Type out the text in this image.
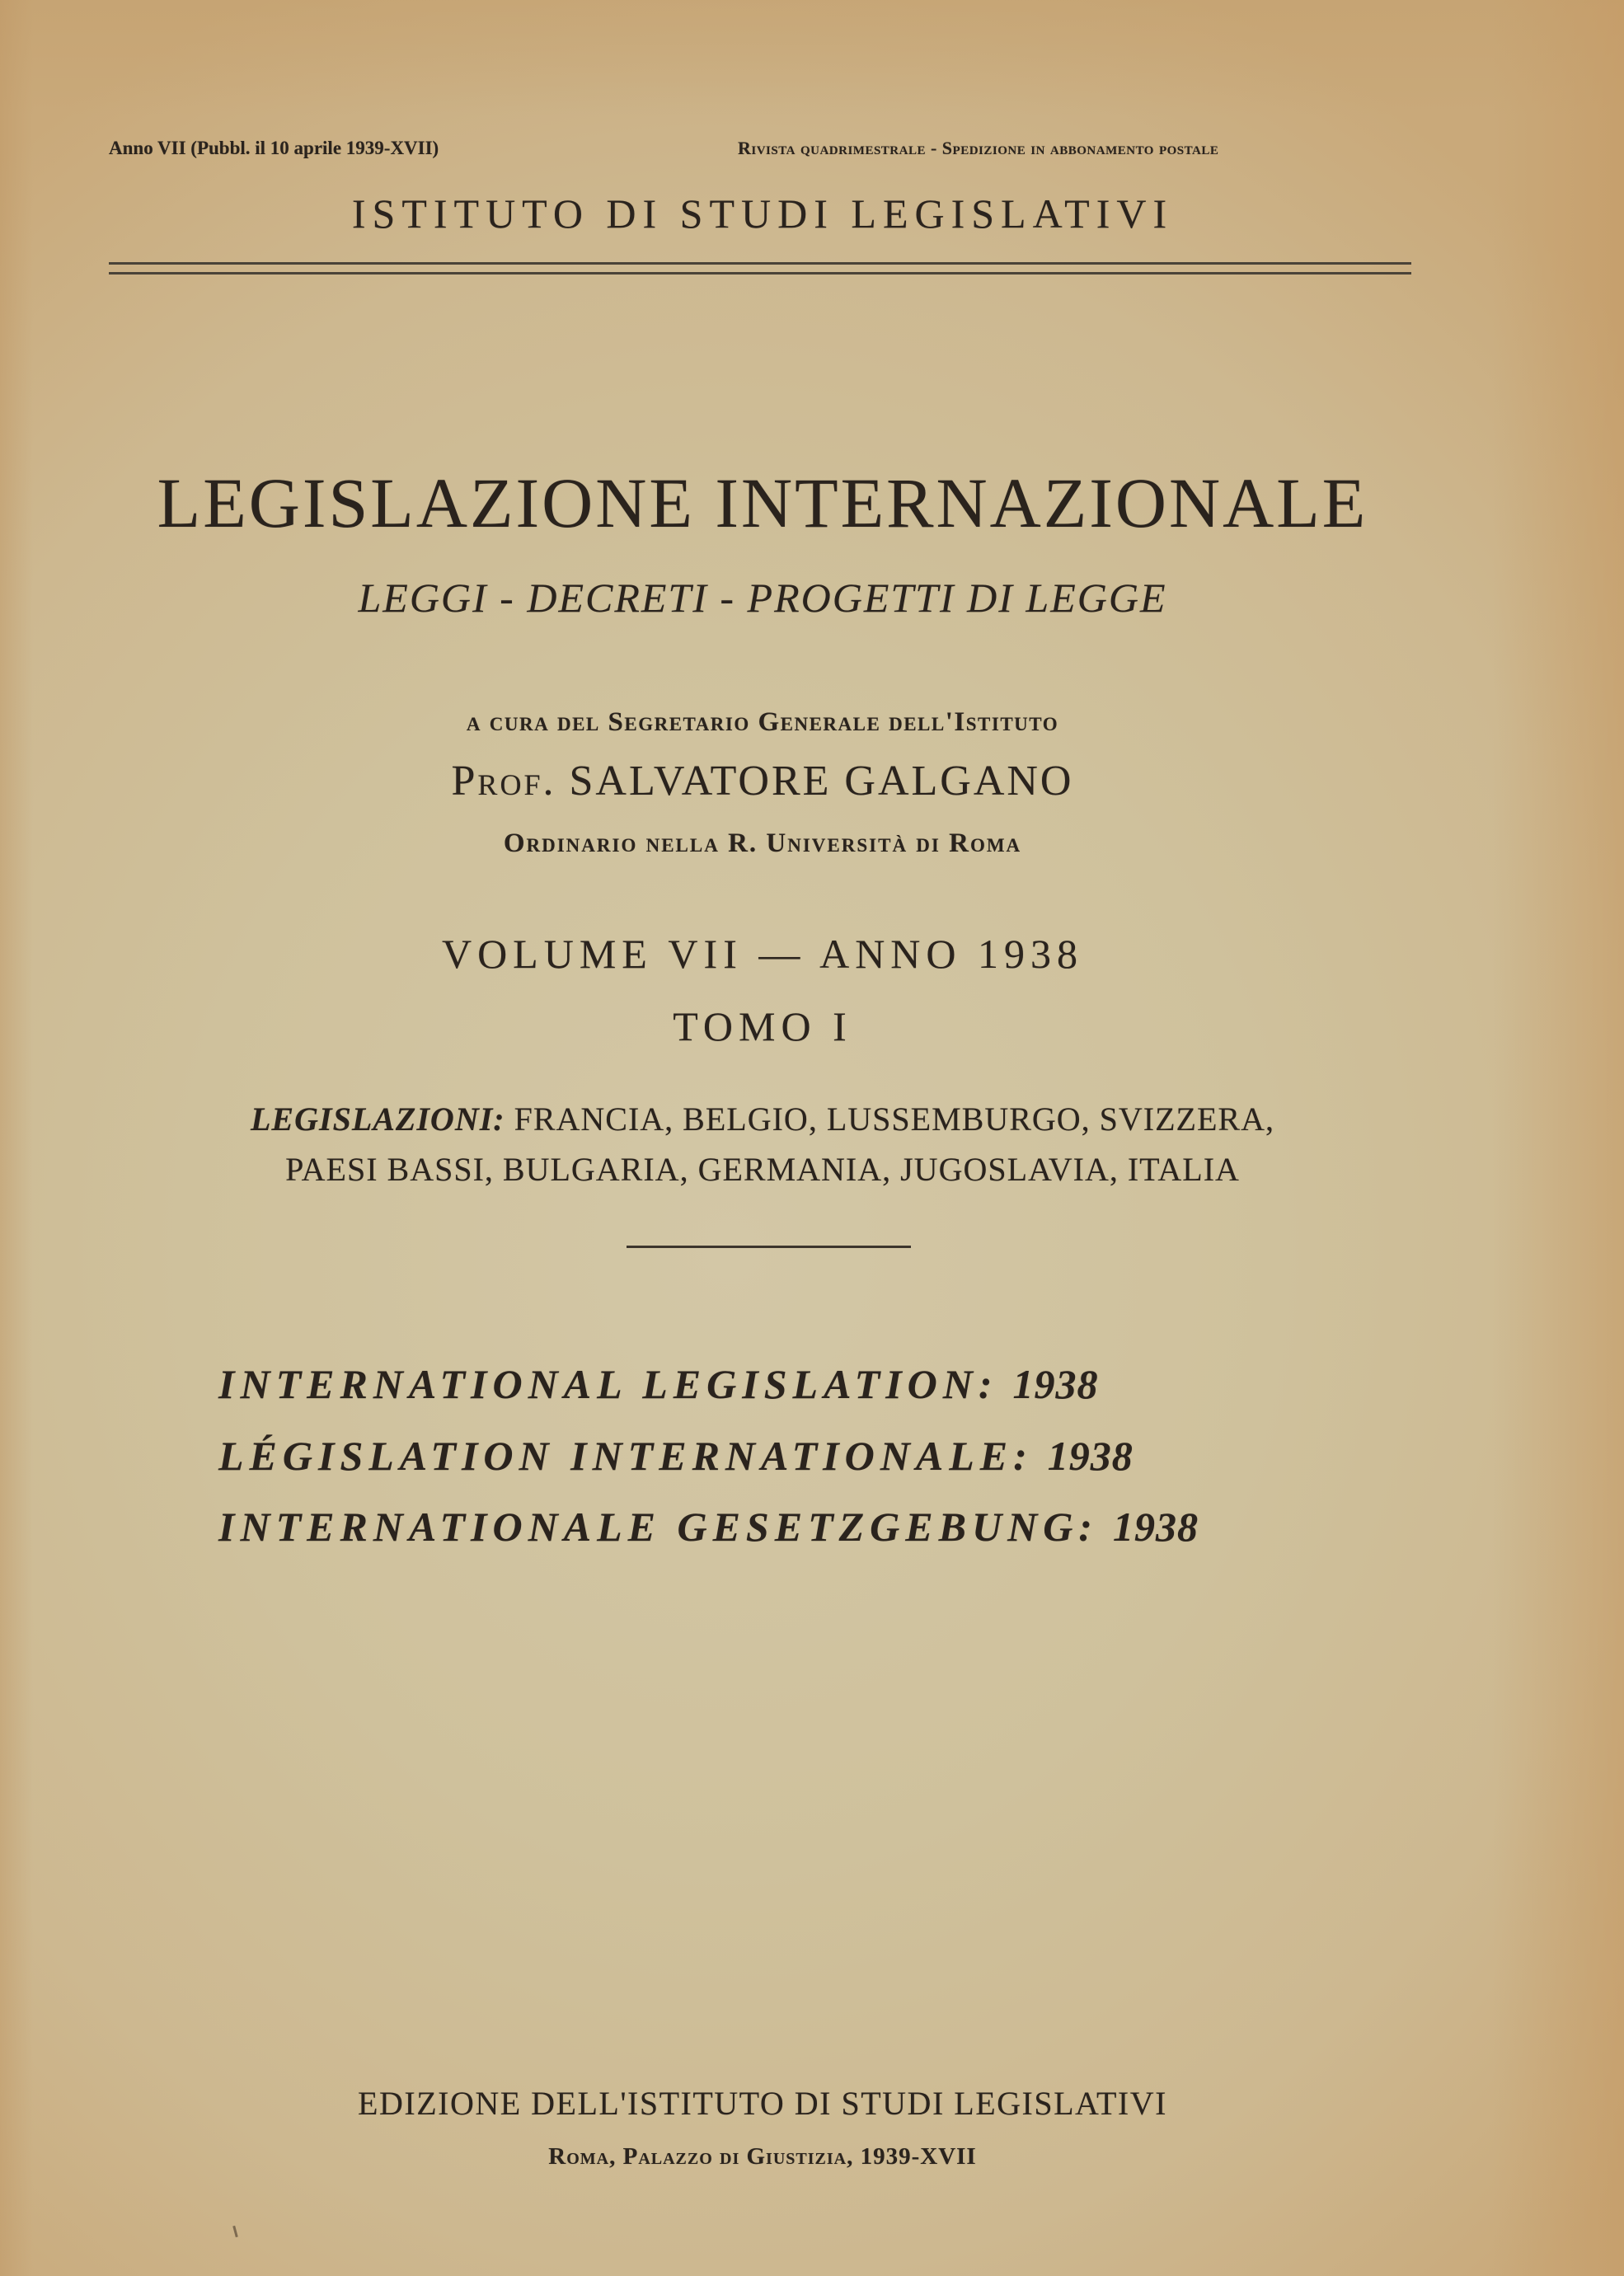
Anno VII (Pubbl. il 10 aprile 1939-XVII)	Rivista quadrimestrale - Spedizione in abbonamento postale
ISTITUTO DI STUDI LEGISLATIVI
LEGISLAZIONE INTERNAZIONALE
LEGGI - DECRETI - PROGETTI DI LEGGE
a cura del Segretario Generale dell'Istituto
Prof. SALVATORE GALGANO
Ordinario nella R. Università di Roma
VOLUME VII — ANNO 1938
TOMO I
LEGISLAZIONI: FRANCIA, BELGIO, LUSSEMBURGO, SVIZZERA,
PAESI BASSI, BULGARIA, GERMANIA, JUGOSLAVIA, ITALIA
INTERNATIONAL LEGISLATION: 1938
LÉGISLATION INTERNATIONALE: 1938
INTERNATIONALE GESETZGEBUNG: 1938
EDIZIONE DELL'ISTITUTO DI STUDI LEGISLATIVI
Roma, Palazzo di Giustizia, 1939-XVII
